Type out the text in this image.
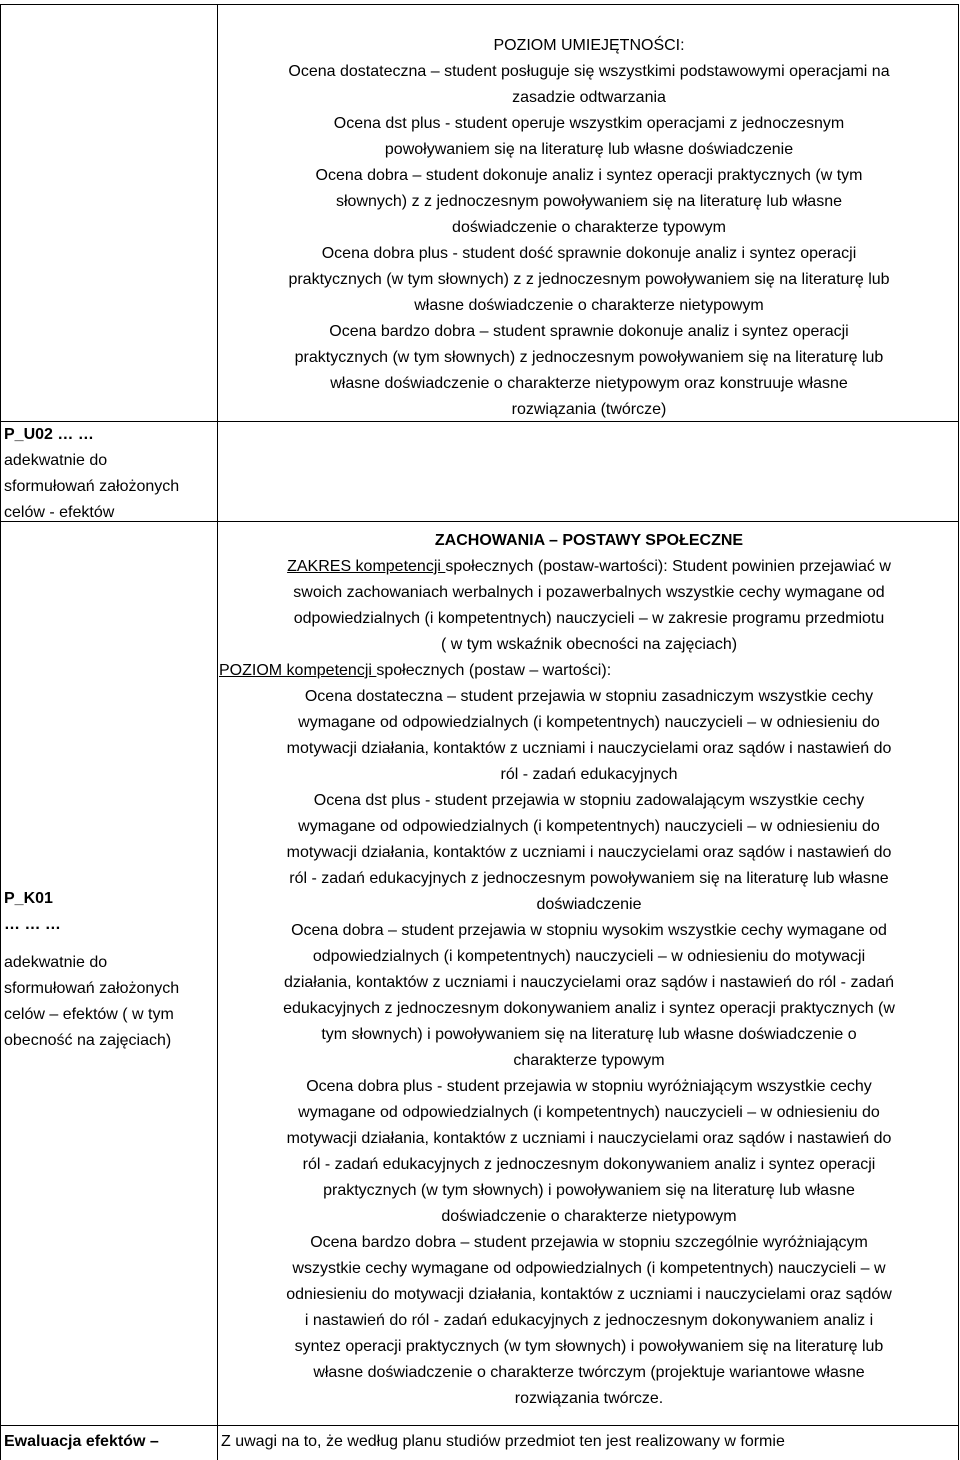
P_U02 … …
adekwatnie do
sformułowań założonych
celów - efektów
P_K01
… … …
adekwatnie do
sformułowań założonych
celów – efektów ( w tym
obecność na zajęciach)
Ewaluacja efektów –
POZIOM UMIEJĘTNOŚCI:
Ocena dostateczna – student posługuje się wszystkimi podstawowymi operacjami na
zasadzie odtwarzania
Ocena dst plus - student operuje wszystkim operacjami z jednoczesnym
powoływaniem się na literaturę lub własne doświadczenie
Ocena dobra – student dokonuje analiz i syntez operacji praktycznych (w tym
słownych) z z jednoczesnym powoływaniem się na literaturę lub własne
doświadczenie o charakterze typowym
Ocena dobra plus - student dość sprawnie dokonuje analiz i syntez operacji
praktycznych (w tym słownych) z z jednoczesnym powoływaniem się na literaturę lub
własne doświadczenie o charakterze nietypowym
Ocena bardzo dobra – student sprawnie dokonuje analiz i syntez operacji
praktycznych (w tym słownych) z jednoczesnym powoływaniem się na literaturę lub
własne doświadczenie o charakterze nietypowym oraz konstruuje własne
rozwiązania (twórcze)
ZACHOWANIA – POSTAWY SPOŁECZNE
ZAKRES kompetencji społecznych (postaw-wartości): Student powinien przejawiać w
swoich zachowaniach werbalnych i pozawerbalnych wszystkie cechy wymagane od
odpowiedzialnych (i kompetentnych) nauczycieli – w zakresie programu przedmiotu
( w tym wskaźnik obecności na zajęciach)
POZIOM kompetencji społecznych (postaw – wartości):
Ocena dostateczna – student przejawia w stopniu zasadniczym wszystkie cechy
wymagane od odpowiedzialnych (i kompetentnych) nauczycieli – w odniesieniu do
motywacji działania, kontaktów z uczniami i nauczycielami oraz sądów i nastawień do
ról - zadań edukacyjnych
Ocena dst plus - student przejawia w stopniu zadowalającym wszystkie cechy
wymagane od odpowiedzialnych (i kompetentnych) nauczycieli – w odniesieniu do
motywacji działania, kontaktów z uczniami i nauczycielami oraz sądów i nastawień do
ról - zadań edukacyjnych z jednoczesnym powoływaniem się na literaturę lub własne
doświadczenie
Ocena dobra – student przejawia w stopniu wysokim wszystkie cechy wymagane od
odpowiedzialnych (i kompetentnych) nauczycieli – w odniesieniu do motywacji
działania, kontaktów z uczniami i nauczycielami oraz sądów i nastawień do ról - zadań
edukacyjnych z jednoczesnym dokonywaniem analiz i syntez operacji praktycznych (w
tym słownych) i powoływaniem się na literaturę lub własne doświadczenie o
charakterze typowym
Ocena dobra plus - student przejawia w stopniu wyróżniającym wszystkie cechy
wymagane od odpowiedzialnych (i kompetentnych) nauczycieli – w odniesieniu do
motywacji działania, kontaktów z uczniami i nauczycielami oraz sądów i nastawień do
ról - zadań edukacyjnych z jednoczesnym dokonywaniem analiz i syntez operacji
praktycznych (w tym słownych) i powoływaniem się na literaturę lub własne
doświadczenie o charakterze nietypowym
Ocena bardzo dobra – student przejawia w stopniu szczególnie wyróżniającym
wszystkie cechy wymagane od odpowiedzialnych (i kompetentnych) nauczycieli – w
odniesieniu do motywacji działania, kontaktów z uczniami i nauczycielami oraz sądów
i nastawień do ról - zadań edukacyjnych z jednoczesnym dokonywaniem analiz i
syntez operacji praktycznych (w tym słownych) i powoływaniem się na literaturę lub
własne doświadczenie o charakterze twórczym (projektuje wariantowe własne
rozwiązania twórcze.
Z uwagi na to, że według planu studiów przedmiot ten jest realizowany w formie
